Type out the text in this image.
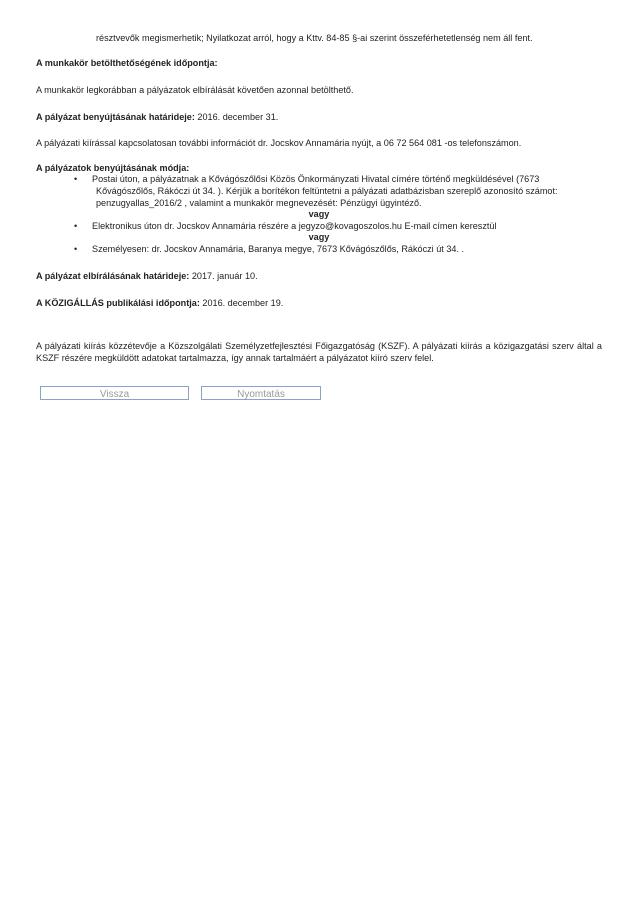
résztvevők megismerhetik; Nyilatkozat arról, hogy a Kttv. 84-85 §-ai szerint összeférhetetlenség nem áll fent.
A munkakör betölthetőségének időpontja:
A munkakör legkorábban a pályázatok elbírálását követően azonnal betölthető.
A pályázat benyújtásának határideje: 2016. december 31.
A pályázati kiírással kapcsolatosan további információt dr. Jocskov Annamária nyújt, a 06 72 564 081 -os telefonszámon.
A pályázatok benyújtásának módja:
• Postai úton, a pályázatnak a Kővágószőlősi Közös Önkormányzati Hivatal címére történő megküldésével (7673
Kővágószőlős, Rákóczi út 34. ). Kérjük a borítékon feltüntetni a pályázati adatbázisban szereplő azonosító számot:
penzugyallas_2016/2 , valamint a munkakör megnevezését: Pénzügyi ügyintéző.
vagy
• Elektronikus úton dr. Jocskov Annamária részére a jegyzo@kovagoszolos.hu E-mail címen keresztül
vagy
• Személyesen: dr. Jocskov Annamária, Baranya megye, 7673 Kővágószőlős, Rákóczi út 34. .
A pályázat elbírálásának határideje: 2017. január 10.
A KÖZIGÁLLÁS publikálási időpontja: 2016. december 19.
A pályázati kiírás közzétevője a Közszolgálati Személyzetfejlesztési Főigazgatóság (KSZF). A pályázati kiírás a közigazgatási szerv által a KSZF részére megküldött adatokat tartalmazza, így annak tartalmáért a pályázatot kiíró szerv felel.
Vissza	Nyomtatás
